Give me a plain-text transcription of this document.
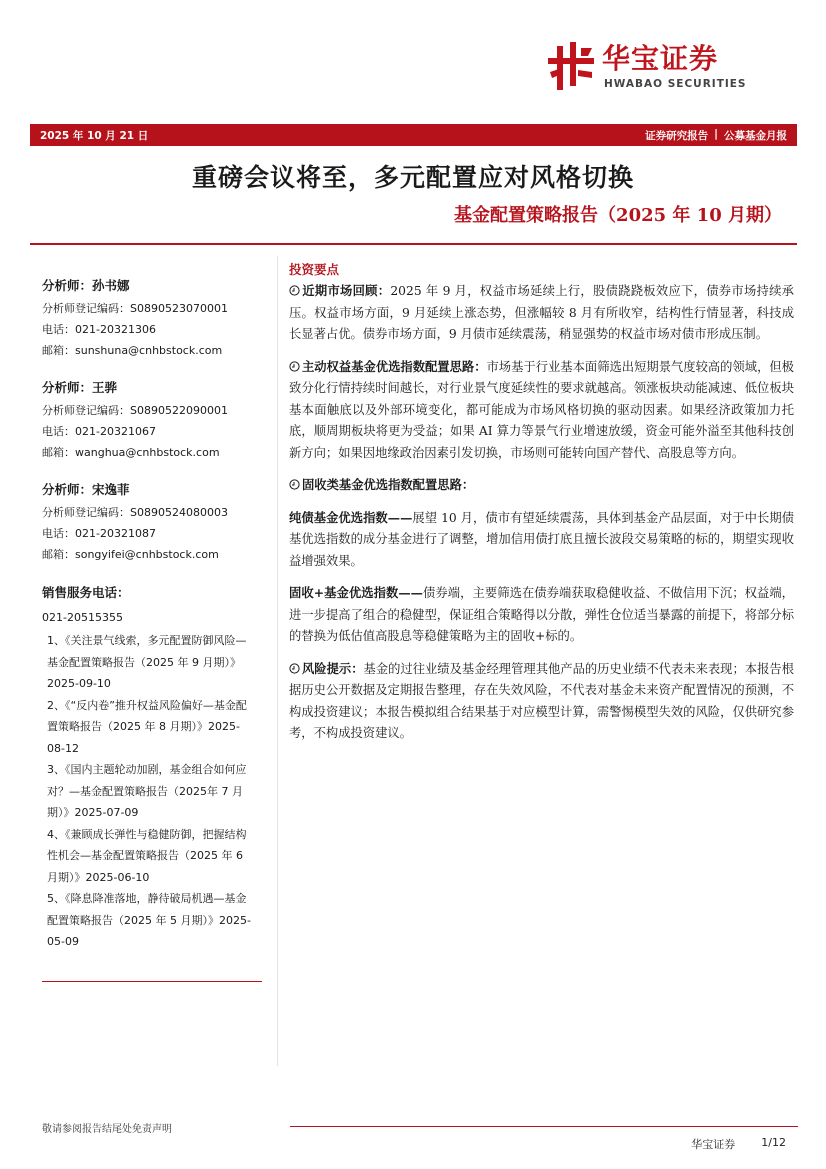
华宝证券
HWABAO SECURITIES
2025 年 10 月 21 日	证券研究报告 | 公募基金月报
重磅会议将至，多元配置应对风格切换
基金配置策略报告（2025 年 10 月期）
分析师：孙书娜
分析师登记编码：S0890523070001
电话：021-20321306
邮箱：sunshuna@cnhbstock.com
分析师：王骅
分析师登记编码：S0890522090001
电话：021-20321067
邮箱：wanghua@cnhbstock.com
分析师：宋逸菲
分析师登记编码：S0890524080003
电话：021-20321087
邮箱：songyifei@cnhbstock.com
销售服务电话：
021-20515355
1、《关注景气线索，多元配置防御风险—基金配置策略报告（2025 年 9 月期）》2025-09-10
2、《“反内卷”推升权益风险偏好—基金配置策略报告（2025 年 8 月期）》2025-08-12
3、《国内主题轮动加剧，基金组合如何应对？—基金配置策略报告（2025年 7 月期）》2025-07-09
4、《兼顾成长弹性与稳健防御，把握结构性机会—基金配置策略报告（2025 年 6 月期）》2025-06-10
5、《降息降准落地，静待破局机遇—基金配置策略报告（2025 年 5 月期）》2025-05-09
投资要点
近期市场回顾：2025 年 9 月，权益市场延续上行，股债跷跷板效应下，债券市场持续承压。权益市场方面，9 月延续上涨态势，但涨幅较 8 月有所收窄，结构性行情显著，科技成长显著占优。债券市场方面，9 月债市延续震荡，稍显强势的权益市场对债市形成压制。
主动权益基金优选指数配置思路：市场基于行业基本面筛选出短期景气度较高的领域，但极致分化行情持续时间越长，对行业景气度延续性的要求就越高。领涨板块动能减速、低位板块基本面触底以及外部环境变化，都可能成为市场风格切换的驱动因素。如果经济政策加力托底，顺周期板块将更为受益；如果 AI 算力等景气行业增速放缓，资金可能外溢至其他科技创新方向；如果因地缘政治因素引发切换，市场则可能转向国产替代、高股息等方向。
固收类基金优选指数配置思路：
纯债基金优选指数——展望 10 月，债市有望延续震荡，具体到基金产品层面，对于中长期债基优选指数的成分基金进行了调整，增加信用债打底且擅长波段交易策略的标的，期望实现收益增强效果。
固收+基金优选指数——债券端，主要筛选在债券端获取稳健收益、不做信用下沉；权益端，进一步提高了组合的稳健型，保证组合策略得以分散，弹性仓位适当暴露的前提下，将部分标的替换为低估值高股息等稳健策略为主的固收+标的。
风险提示：基金的过往业绩及基金经理管理其他产品的历史业绩不代表未来表现；本报告根据历史公开数据及定期报告整理，存在失效风险，不代表对基金未来资产配置情况的预测，不构成投资建议；本报告模拟组合结果基于对应模型计算，需警惕模型失效的风险，仅供研究参考，不构成投资建议。
敬请参阅报告结尾处免责声明
华宝证券 1/12
